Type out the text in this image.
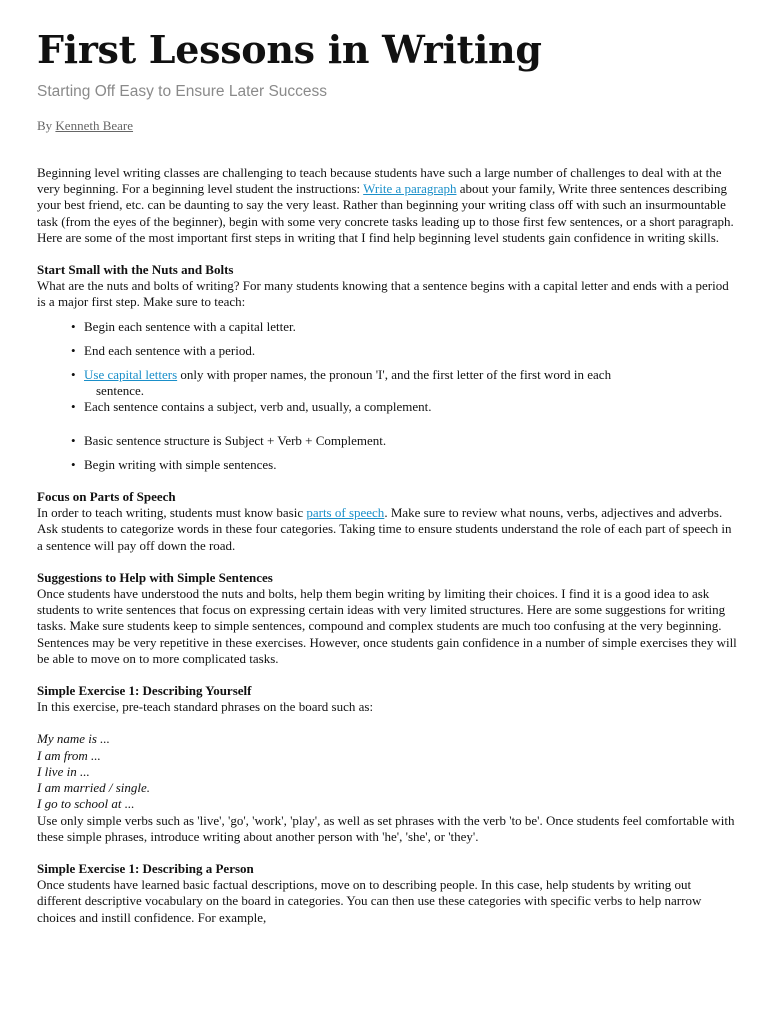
First Lessons in Writing
Starting Off Easy to Ensure Later Success
By Kenneth Beare

Beginning level writing classes are challenging to teach because students have such a large number of challenges to deal with at the very beginning. For a beginning level student the instructions: Write a paragraph about your family, Write three sentences describing your best friend, etc. can be daunting to say the very least. Rather than beginning your writing class off with such an insurmountable task (from the eyes of the beginner), begin with some very concrete tasks leading up to those first few sentences, or a short paragraph.

Here are some of the most important first steps in writing that I find help beginning level students gain confidence in writing skills.

Start Small with the Nuts and Bolts

What are the nuts and bolts of writing? For many students knowing that a sentence begins with a capital letter and ends with a period is a major first step. Make sure to teach:

• Begin each sentence with a capital letter.
• End each sentence with a period.
• Use capital letters only with proper names, the pronoun 'I', and the first letter of the first word in each
sentence.
• Each sentence contains a subject, verb and, usually, a complement.
• Basic sentence structure is Subject + Verb + Complement.
• Begin writing with simple sentences.

Focus on Parts of Speech

In order to teach writing, students must know basic parts of speech. Make sure to review what nouns, verbs, adjectives and adverbs. Ask students to categorize words in these four categories. Taking time to ensure students understand the role of each part of speech in a sentence will pay off down the road.

Suggestions to Help with Simple Sentences

Once students have understood the nuts and bolts, help them begin writing by limiting their choices. I find it is a good idea to ask students to write sentences that focus on expressing certain ideas with very limited structures. Here are some suggestions for writing tasks. Make sure students keep to simple sentences, compound and complex students are much too confusing at the very beginning. Sentences may be very repetitive in these exercises. However, once students gain confidence in a number of simple exercises they will be able to move on to more complicated tasks.

Simple Exercise 1: Describing Yourself

In this exercise, pre-teach standard phrases on the board such as:

My name is ...

I am from ...

I live in ...

I am married / single.

I go to school at ...

Use only simple verbs such as 'live', 'go', 'work', 'play', as well as set phrases with the verb 'to be'. Once students feel comfortable with these simple phrases, introduce writing about another person with 'he', 'she', or 'they'.

Simple Exercise 1: Describing a Person

Once students have learned basic factual descriptions, move on to describing people. In this case, help students by writing out different descriptive vocabulary on the board in categories. You can then use these categories with specific verbs to help narrow choices and instill confidence. For example,
